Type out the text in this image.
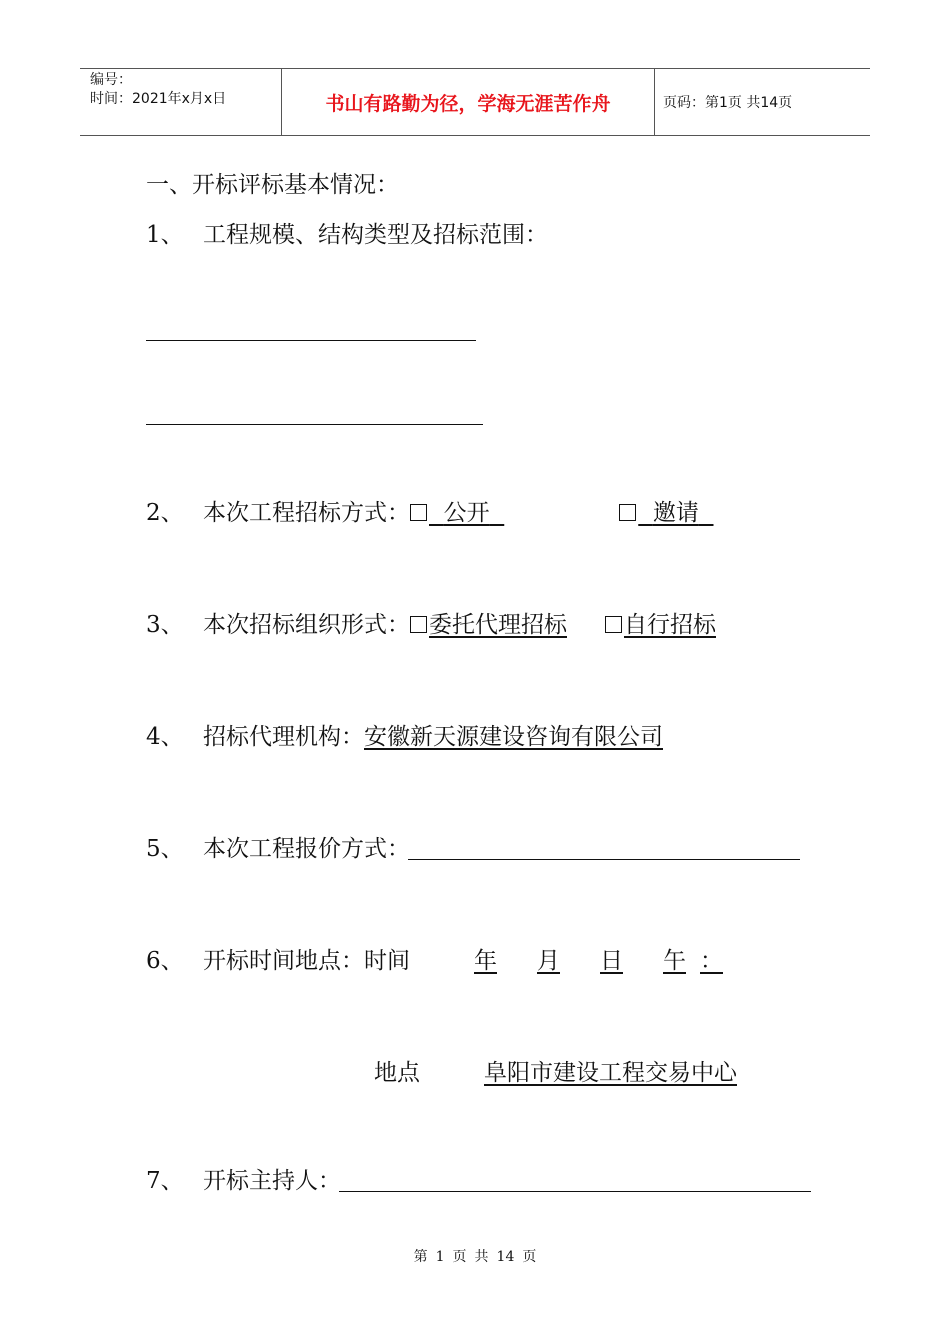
编号：
时间：2021年x月x日	书山有路勤为径，学海无涯苦作舟	页码：第1页 共14页
一、开标评标基本情况：
1、 工程规模、结构类型及招标范围：
2、 本次工程招标方式： 公开	邀请
3、 本次招标组织形式： 委托代理招标 自行招标
4、 招标代理机构：安徽新天源建设咨询有限公司
5、 本次工程报价方式：
6、 开标时间地点：时间	年 月 日 午 ：
地点	阜阳市建设工程交易中心
7、 开标主持人：
第 1 页 共 14 页
